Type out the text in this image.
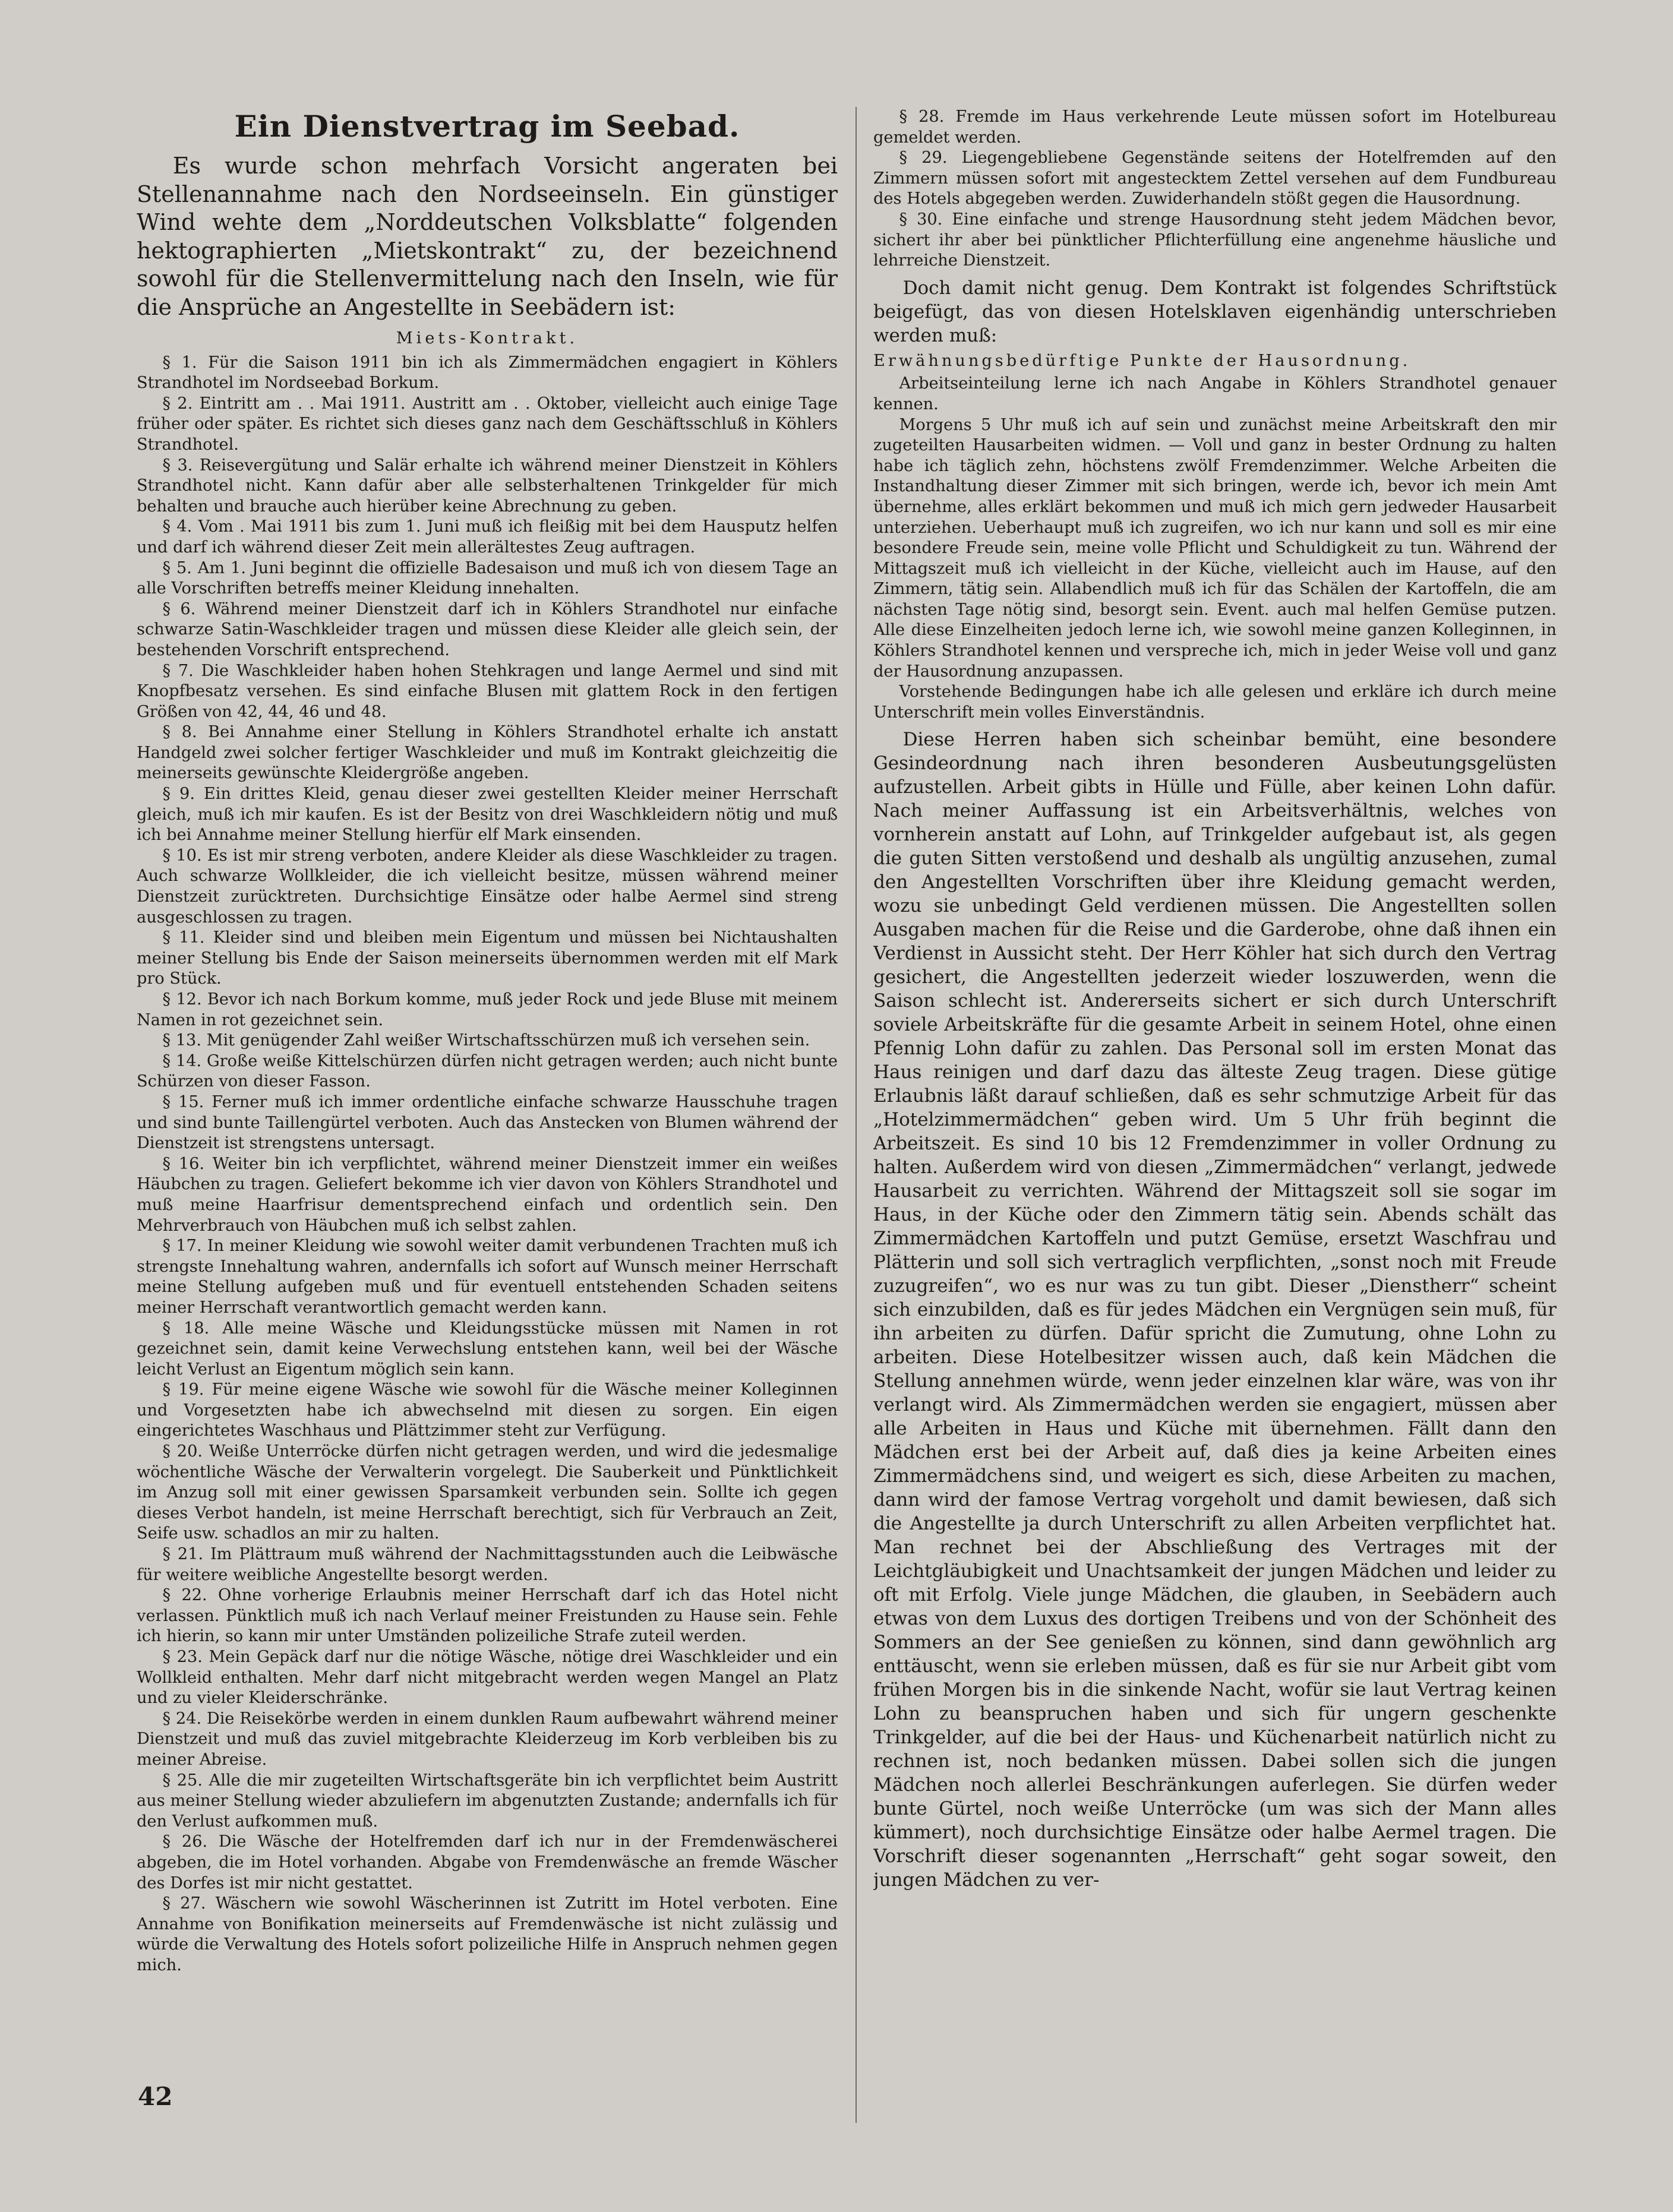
Ein Dienstvertrag im Seebad.

Es wurde schon mehrfach Vorsicht angeraten bei Stellenannahme nach den Nordseeinseln. Ein günstiger Wind wehte dem „Norddeutschen Volksblatte“ folgenden hektographierten „Mietskontrakt“ zu, der bezeichnend sowohl für die Stellenvermittelung nach den Inseln, wie für die Ansprüche an Angestellte in Seebädern ist:

Miets-Kontrakt.

§ 1. Für die Saison 1911 bin ich als Zimmermädchen engagiert in Köhlers Strandhotel im Nordseebad Borkum.

§ 2. Eintritt am . . Mai 1911. Austritt am . . Oktober, vielleicht auch einige Tage früher oder später. Es richtet sich dieses ganz nach dem Geschäftsschluß in Köhlers Strandhotel.

§ 3. Reisevergütung und Salär erhalte ich während meiner Dienstzeit in Köhlers Strandhotel nicht. Kann dafür aber alle selbsterhaltenen Trinkgelder für mich behalten und brauche auch hierüber keine Abrechnung zu geben.

§ 4. Vom . Mai 1911 bis zum 1. Juni muß ich fleißig mit bei dem Hausputz helfen und darf ich während dieser Zeit mein allerältestes Zeug auftragen.

§ 5. Am 1. Juni beginnt die offizielle Badesaison und muß ich von diesem Tage an alle Vorschriften betreffs meiner Kleidung innehalten.

§ 6. Während meiner Dienstzeit darf ich in Köhlers Strandhotel nur einfache schwarze Satin-Waschkleider tragen und müssen diese Kleider alle gleich sein, der bestehenden Vorschrift entsprechend.

§ 7. Die Waschkleider haben hohen Stehkragen und lange Aermel und sind mit Knopfbesatz versehen. Es sind einfache Blusen mit glattem Rock in den fertigen Größen von 42, 44, 46 und 48.

§ 8. Bei Annahme einer Stellung in Köhlers Strandhotel erhalte ich anstatt Handgeld zwei solcher fertiger Waschkleider und muß im Kontrakt gleichzeitig die meinerseits gewünschte Kleidergröße angeben.

§ 9. Ein drittes Kleid, genau dieser zwei gestellten Kleider meiner Herrschaft gleich, muß ich mir kaufen. Es ist der Besitz von drei Waschkleidern nötig und muß ich bei Annahme meiner Stellung hierfür elf Mark einsenden.

§ 10. Es ist mir streng verboten, andere Kleider als diese Waschkleider zu tragen. Auch schwarze Wollkleider, die ich vielleicht besitze, müssen während meiner Dienstzeit zurücktreten. Durchsichtige Einsätze oder halbe Aermel sind streng ausgeschlossen zu tragen.

§ 11. Kleider sind und bleiben mein Eigentum und müssen bei Nichtaushalten meiner Stellung bis Ende der Saison meinerseits übernommen werden mit elf Mark pro Stück.

§ 12. Bevor ich nach Borkum komme, muß jeder Rock und jede Bluse mit meinem Namen in rot gezeichnet sein.

§ 13. Mit genügender Zahl weißer Wirtschaftsschürzen muß ich versehen sein.

§ 14. Große weiße Kittelschürzen dürfen nicht getragen werden; auch nicht bunte Schürzen von dieser Fasson.

§ 15. Ferner muß ich immer ordentliche einfache schwarze Hausschuhe tragen und sind bunte Taillengürtel verboten. Auch das Anstecken von Blumen während der Dienstzeit ist strengstens untersagt.

§ 16. Weiter bin ich verpflichtet, während meiner Dienstzeit immer ein weißes Häubchen zu tragen. Geliefert bekomme ich vier davon von Köhlers Strandhotel und muß meine Haarfrisur dementsprechend einfach und ordentlich sein. Den Mehrverbrauch von Häubchen muß ich selbst zahlen.

§ 17. In meiner Kleidung wie sowohl weiter damit verbundenen Trachten muß ich strengste Innehaltung wahren, andernfalls ich sofort auf Wunsch meiner Herrschaft meine Stellung aufgeben muß und für eventuell entstehenden Schaden seitens meiner Herrschaft verantwortlich gemacht werden kann.

§ 18. Alle meine Wäsche und Kleidungsstücke müssen mit Namen in rot gezeichnet sein, damit keine Verwechslung entstehen kann, weil bei der Wäsche leicht Verlust an Eigentum möglich sein kann.

§ 19. Für meine eigene Wäsche wie sowohl für die Wäsche meiner Kolleginnen und Vorgesetzten habe ich abwechselnd mit diesen zu sorgen. Ein eigen eingerichtetes Waschhaus und Plättzimmer steht zur Verfügung.

§ 20. Weiße Unterröcke dürfen nicht getragen werden, und wird die jedesmalige wöchentliche Wäsche der Verwalterin vorgelegt. Die Sauberkeit und Pünktlichkeit im Anzug soll mit einer gewissen Sparsamkeit verbunden sein. Sollte ich gegen dieses Verbot handeln, ist meine Herrschaft berechtigt, sich für Verbrauch an Zeit, Seife usw. schadlos an mir zu halten.

§ 21. Im Plättraum muß während der Nachmittagsstunden auch die Leibwäsche für weitere weibliche Angestellte besorgt werden.

§ 22. Ohne vorherige Erlaubnis meiner Herrschaft darf ich das Hotel nicht verlassen. Pünktlich muß ich nach Verlauf meiner Freistunden zu Hause sein. Fehle ich hierin, so kann mir unter Umständen polizeiliche Strafe zuteil werden.

§ 23. Mein Gepäck darf nur die nötige Wäsche, nötige drei Waschkleider und ein Wollkleid enthalten. Mehr darf nicht mitgebracht werden wegen Mangel an Platz und zu vieler Kleiderschränke.

§ 24. Die Reisekörbe werden in einem dunklen Raum aufbewahrt während meiner Dienstzeit und muß das zuviel mitgebrachte Kleiderzeug im Korb verbleiben bis zu meiner Abreise.

§ 25. Alle die mir zugeteilten Wirtschaftsgeräte bin ich verpflichtet beim Austritt aus meiner Stellung wieder abzuliefern im abgenutzten Zustande; andernfalls ich für den Verlust aufkommen muß.

§ 26. Die Wäsche der Hotelfremden darf ich nur in der Fremdenwäscherei abgeben, die im Hotel vorhanden. Abgabe von Fremdenwäsche an fremde Wäscher des Dorfes ist mir nicht gestattet.

§ 27. Wäschern wie sowohl Wäscherinnen ist Zutritt im Hotel verboten. Eine Annahme von Bonifikation meinerseits auf Fremdenwäsche ist nicht zulässig und würde die Verwaltung des Hotels sofort polizeiliche Hilfe in Anspruch nehmen gegen mich.

§ 28. Fremde im Haus verkehrende Leute müssen sofort im Hotelbureau gemeldet werden.

§ 29. Liegengebliebene Gegenstände seitens der Hotelfremden auf den Zimmern müssen sofort mit angestecktem Zettel versehen auf dem Fundbureau des Hotels abgegeben werden. Zuwiderhandeln stößt gegen die Hausordnung.

§ 30. Eine einfache und strenge Hausordnung steht jedem Mädchen bevor, sichert ihr aber bei pünktlicher Pflichterfüllung eine angenehme häusliche und lehrreiche Dienstzeit.

Doch damit nicht genug. Dem Kontrakt ist folgendes Schriftstück beigefügt, das von diesen Hotelsklaven eigenhändig unterschrieben werden muß:

Erwähnungsbedürftige Punkte der Hausordnung.

Arbeitseinteilung lerne ich nach Angabe in Köhlers Strandhotel genauer kennen.

Morgens 5 Uhr muß ich auf sein und zunächst meine Arbeitskraft den mir zugeteilten Hausarbeiten widmen. — Voll und ganz in bester Ordnung zu halten habe ich täglich zehn, höchstens zwölf Fremdenzimmer. Welche Arbeiten die Instandhaltung dieser Zimmer mit sich bringen, werde ich, bevor ich mein Amt übernehme, alles erklärt bekommen und muß ich mich gern jedweder Hausarbeit unterziehen. Ueberhaupt muß ich zugreifen, wo ich nur kann und soll es mir eine besondere Freude sein, meine volle Pflicht und Schuldigkeit zu tun. Während der Mittagszeit muß ich vielleicht in der Küche, vielleicht auch im Hause, auf den Zimmern, tätig sein. Allabendlich muß ich für das Schälen der Kartoffeln, die am nächsten Tage nötig sind, besorgt sein. Event. auch mal helfen Gemüse putzen. Alle diese Einzelheiten jedoch lerne ich, wie sowohl meine ganzen Kolleginnen, in Köhlers Strandhotel kennen und verspreche ich, mich in jeder Weise voll und ganz der Hausordnung anzupassen.

Vorstehende Bedingungen habe ich alle gelesen und erkläre ich durch meine Unterschrift mein volles Einverständnis.

Diese Herren haben sich scheinbar bemüht, eine besondere Gesindeordnung nach ihren besonderen Ausbeutungsgelüsten aufzustellen. Arbeit gibts in Hülle und Fülle, aber keinen Lohn dafür. Nach meiner Auffassung ist ein Arbeitsverhältnis, welches von vornherein anstatt auf Lohn, auf Trinkgelder aufgebaut ist, als gegen die guten Sitten verstoßend und deshalb als ungültig anzusehen, zumal den Angestellten Vorschriften über ihre Kleidung gemacht werden, wozu sie unbedingt Geld verdienen müssen. Die Angestellten sollen Ausgaben machen für die Reise und die Garderobe, ohne daß ihnen ein Verdienst in Aussicht steht. Der Herr Köhler hat sich durch den Vertrag gesichert, die Angestellten jederzeit wieder loszuwerden, wenn die Saison schlecht ist. Andererseits sichert er sich durch Unterschrift soviele Arbeitskräfte für die gesamte Arbeit in seinem Hotel, ohne einen Pfennig Lohn dafür zu zahlen. Das Personal soll im ersten Monat das Haus reinigen und darf dazu das älteste Zeug tragen. Diese gütige Erlaubnis läßt darauf schließen, daß es sehr schmutzige Arbeit für das „Hotelzimmermädchen“ geben wird. Um 5 Uhr früh beginnt die Arbeitszeit. Es sind 10 bis 12 Fremdenzimmer in voller Ordnung zu halten. Außerdem wird von diesen „Zimmermädchen“ verlangt, jedwede Hausarbeit zu verrichten. Während der Mittagszeit soll sie sogar im Haus, in der Küche oder den Zimmern tätig sein. Abends schält das Zimmermädchen Kartoffeln und putzt Gemüse, ersetzt Waschfrau und Plätterin und soll sich vertraglich verpflichten, „sonst noch mit Freude zuzugreifen“, wo es nur was zu tun gibt. Dieser „Dienstherr“ scheint sich einzubilden, daß es für jedes Mädchen ein Vergnügen sein muß, für ihn arbeiten zu dürfen. Dafür spricht die Zumutung, ohne Lohn zu arbeiten. Diese Hotelbesitzer wissen auch, daß kein Mädchen die Stellung annehmen würde, wenn jeder einzelnen klar wäre, was von ihr verlangt wird. Als Zimmermädchen werden sie engagiert, müssen aber alle Arbeiten in Haus und Küche mit übernehmen. Fällt dann den Mädchen erst bei der Arbeit auf, daß dies ja keine Arbeiten eines Zimmermädchens sind, und weigert es sich, diese Arbeiten zu machen, dann wird der famose Vertrag vorgeholt und damit bewiesen, daß sich die Angestellte ja durch Unterschrift zu allen Arbeiten verpflichtet hat. Man rechnet bei der Abschließung des Vertrages mit der Leichtgläubigkeit und Unachtsamkeit der jungen Mädchen und leider zu oft mit Erfolg. Viele junge Mädchen, die glauben, in Seebädern auch etwas von dem Luxus des dortigen Treibens und von der Schönheit des Sommers an der See genießen zu können, sind dann gewöhnlich arg enttäuscht, wenn sie erleben müssen, daß es für sie nur Arbeit gibt vom frühen Morgen bis in die sinkende Nacht, wofür sie laut Vertrag keinen Lohn zu beanspruchen haben und sich für ungern geschenkte Trinkgelder, auf die bei der Haus- und Küchenarbeit natürlich nicht zu rechnen ist, noch bedanken müssen. Dabei sollen sich die jungen Mädchen noch allerlei Beschränkungen auferlegen. Sie dürfen weder bunte Gürtel, noch weiße Unterröcke (um was sich der Mann alles kümmert), noch durchsichtige Einsätze oder halbe Aermel tragen. Die Vorschrift dieser sogenannten „Herrschaft“ geht sogar soweit, den jungen Mädchen zu ver-

42
